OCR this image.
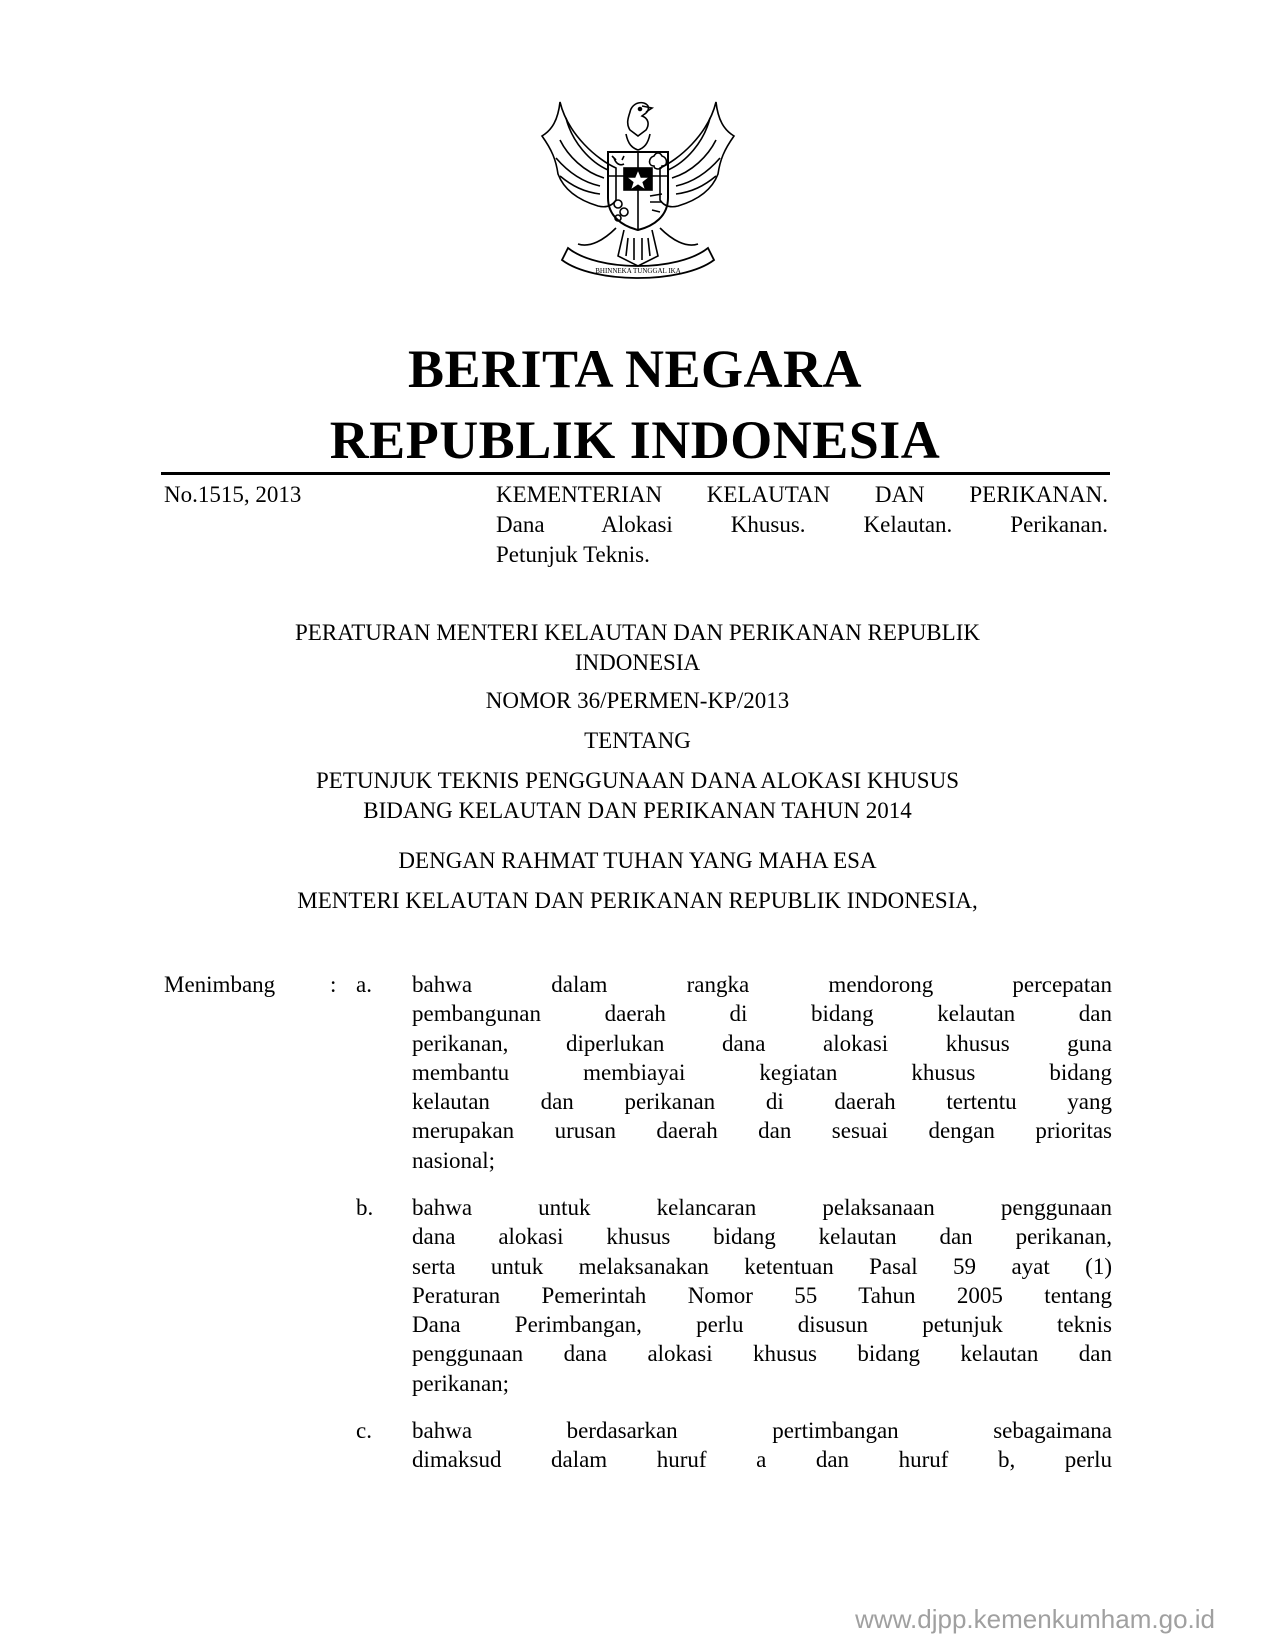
BHINNEKA TUNGGAL IKA
BERITA NEGARA
REPUBLIK INDONESIA
No.1515, 2013	KEMENTERIAN KELAUTAN DAN PERIKANAN.
Dana Alokasi Khusus. Kelautan. Perikanan.
Petunjuk Teknis.
PERATURAN MENTERI KELAUTAN DAN PERIKANAN REPUBLIK
INDONESIA
NOMOR 36/PERMEN-KP/2013
TENTANG
PETUNJUK TEKNIS PENGGUNAAN DANA ALOKASI KHUSUS
BIDANG KELAUTAN DAN PERIKANAN TAHUN 2014
DENGAN RAHMAT TUHAN YANG MAHA ESA
MENTERI KELAUTAN DAN PERIKANAN REPUBLIK INDONESIA,
Menimbang : a. bahwa dalam rangka mendorong percepatan
pembangunan daerah di bidang kelautan dan
perikanan, diperlukan dana alokasi khusus guna
membantu membiayai kegiatan khusus bidang
kelautan dan perikanan di daerah tertentu yang
merupakan urusan daerah dan sesuai dengan prioritas
nasional;
b. bahwa untuk kelancaran pelaksanaan penggunaan
dana alokasi khusus bidang kelautan dan perikanan,
serta untuk melaksanakan ketentuan Pasal 59 ayat (1)
Peraturan Pemerintah Nomor 55 Tahun 2005 tentang
Dana Perimbangan, perlu disusun petunjuk teknis
penggunaan dana alokasi khusus bidang kelautan dan
perikanan;
c. bahwa berdasarkan pertimbangan sebagaimana
dimaksud dalam huruf a dan huruf b, perlu
www.djpp.kemenkumham.go.id
